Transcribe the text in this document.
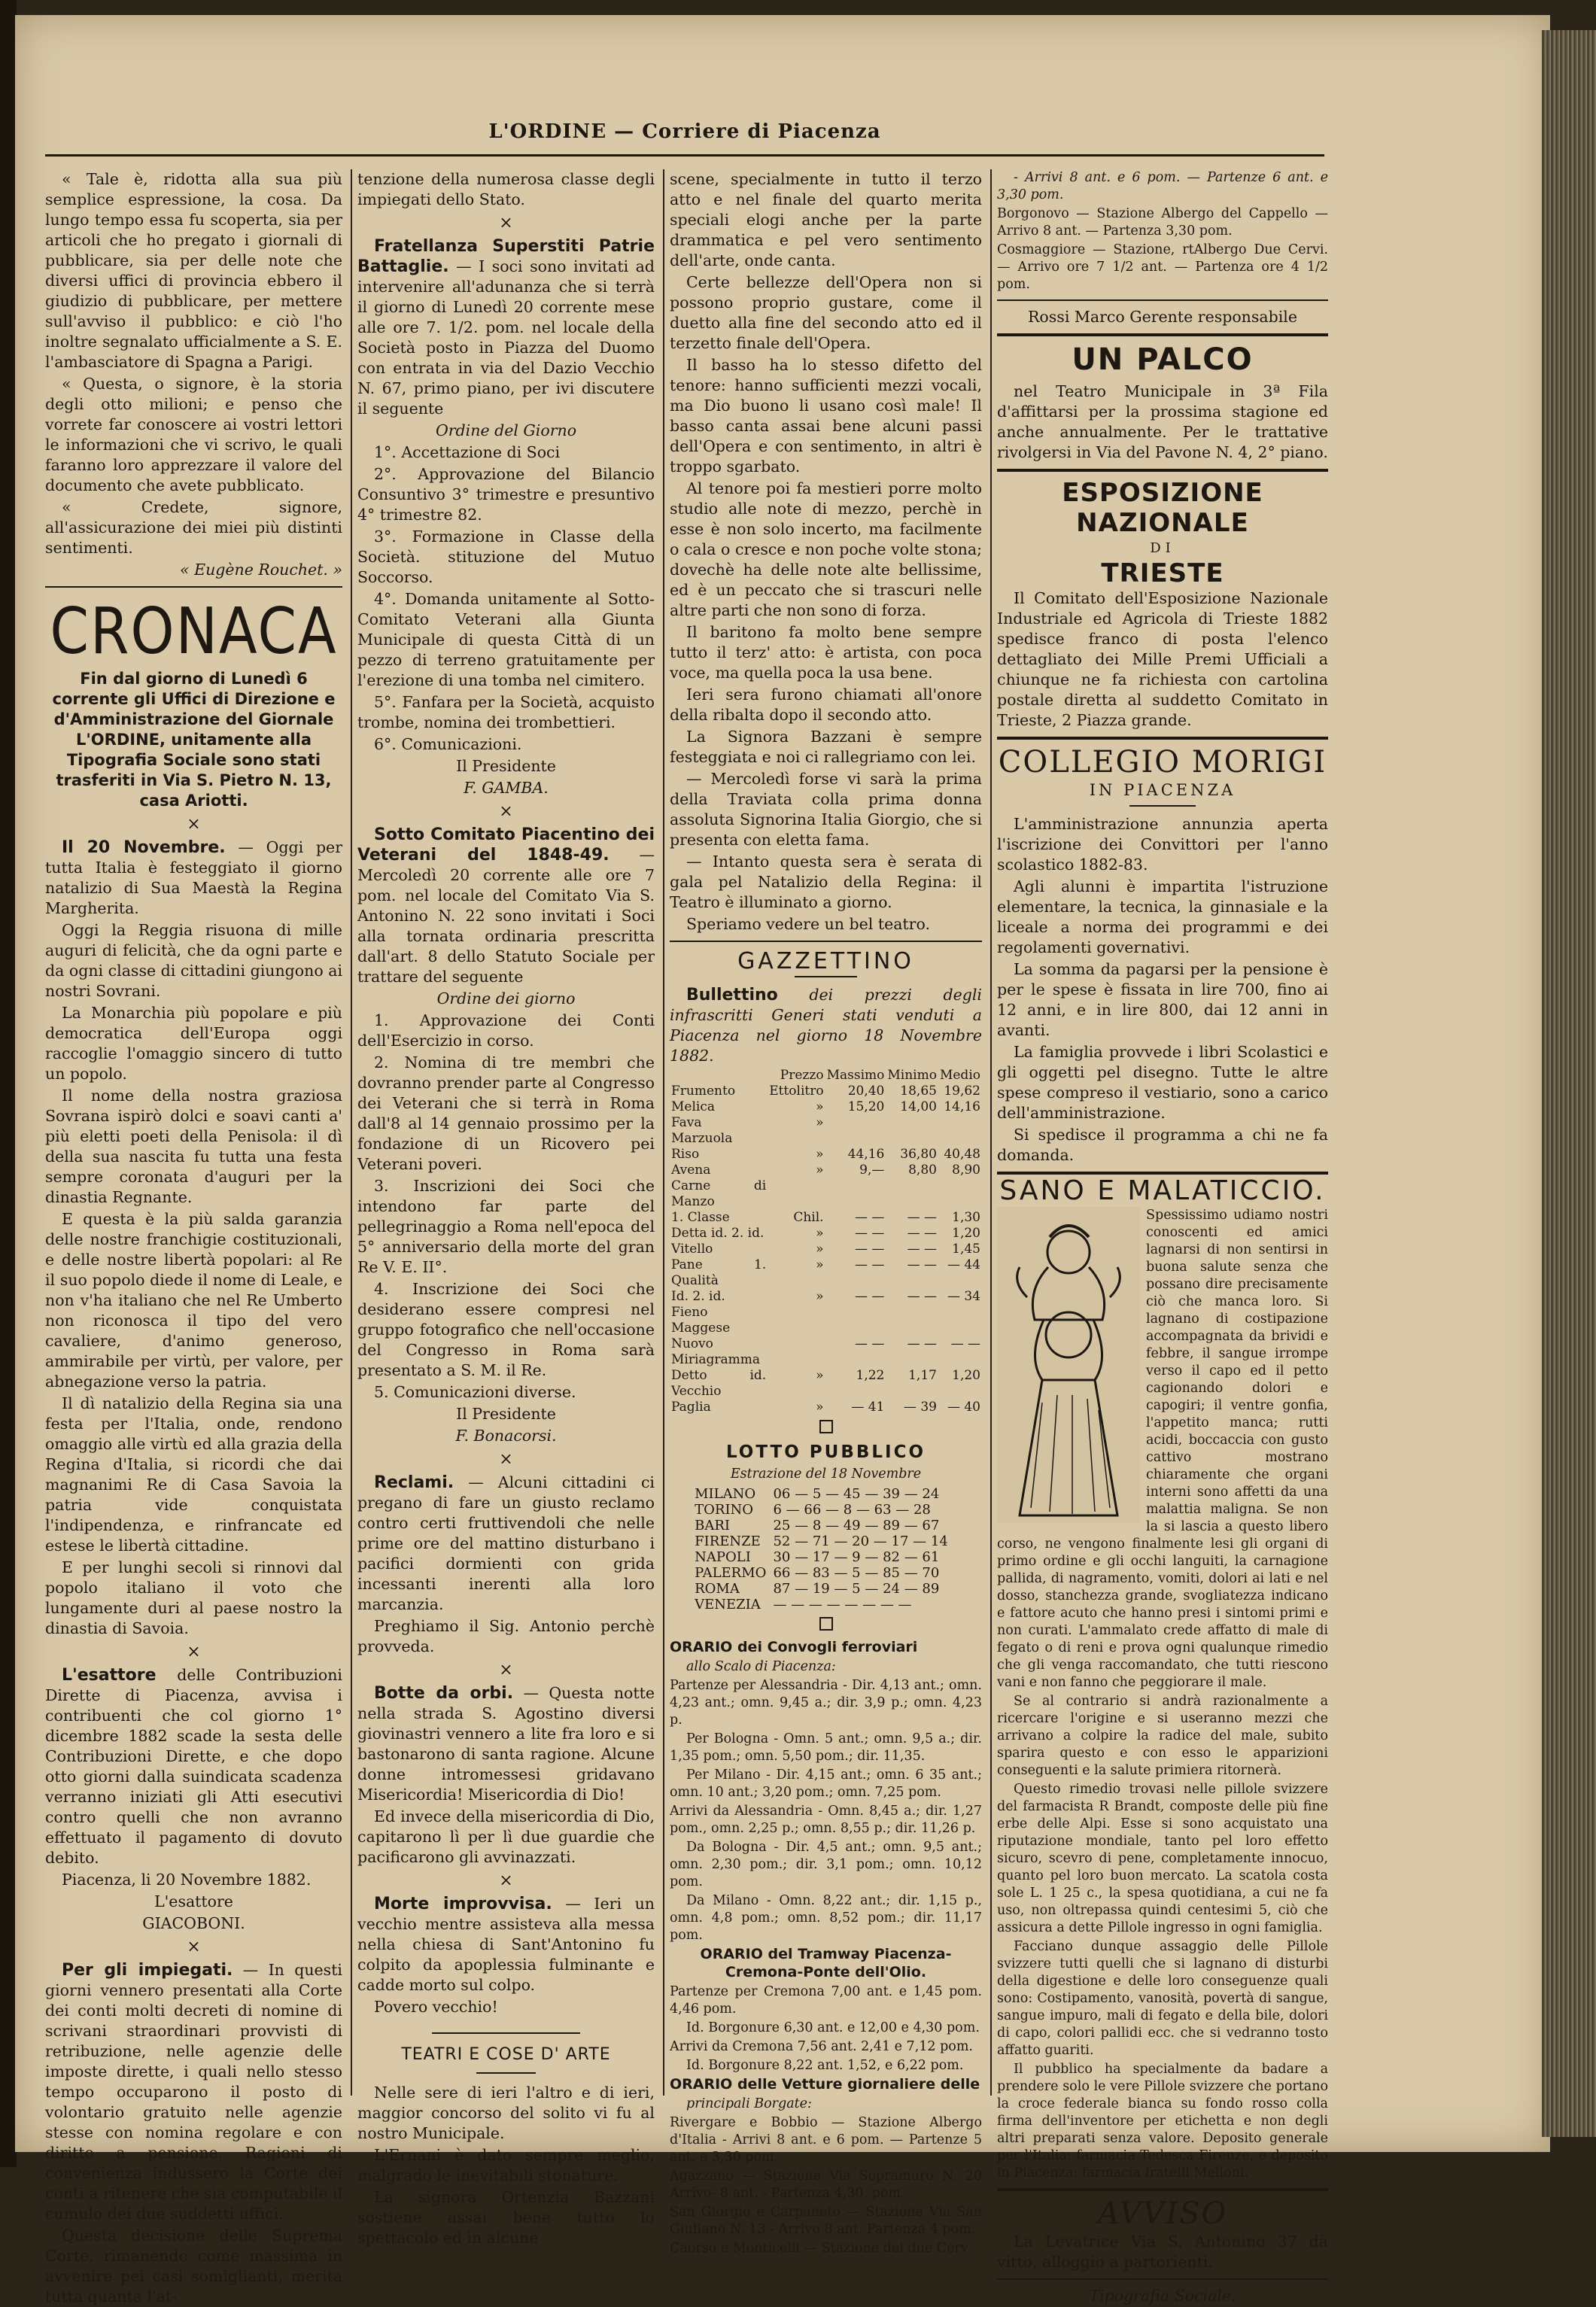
L'ORDINE — Corriere di Piacenza

« Tale è, ridotta alla sua più semplice espressione, la cosa. Da lungo tempo essa fu scoperta, sia per articoli che ho pregato i giornali di pubblicare, sia per delle note che diversi uffici di provincia ebbero il giudizio di pubblicare, per mettere sull'avviso il pubblico: e ciò l'ho inoltre segnalato ufficialmente a S. E. l'ambasciatore di Spagna a Parigi.

« Questa, o signore, è la storia degli otto milioni; e penso che vorrete far conoscere ai vostri lettori le informazioni che vi scrivo, le quali faranno loro apprezzare il valore del documento che avete pubblicato.

« Credete, signore, all'assicurazione dei miei più distinti sentimenti.

« Eugène Rouchet. »

CRONACA
Fin dal giorno di Lunedì 6 corrente gli Uffici di Direzione e d'Amministrazione del Giornale L'ORDINE, unitamente alla Tipografia Sociale sono stati trasferiti in Via S. Pietro N. 13, casa Ariotti.
×

Il 20 Novembre. — Oggi per tutta Italia è festeggiato il giorno natalizio di Sua Maestà la Regina Margherita.

Oggi la Reggia risuona di mille auguri di felicità, che da ogni parte e da ogni classe di cittadini giungono ai nostri Sovrani.

La Monarchia più popolare e più democratica dell'Europa oggi raccoglie l'omaggio sincero di tutto un popolo.

Il nome della nostra graziosa Sovrana ispirò dolci e soavi canti a' più eletti poeti della Penisola: il dì della sua nascita fu tutta una festa sempre coronata d'auguri per la dinastia Regnante.

E questa è la più salda garanzia delle nostre franchigie costituzionali, e delle nostre libertà popolari: al Re il suo popolo diede il nome di Leale, e non v'ha italiano che nel Re Umberto non riconosca il tipo del vero cavaliere, d'animo generoso, ammirabile per virtù, per valore, per abnegazione verso la patria.

Il dì natalizio della Regina sia una festa per l'Italia, onde, rendono omaggio alle virtù ed alla grazia della Regina d'Italia, si ricordi che dai magnanimi Re di Casa Savoia la patria vide conquistata l'indipendenza, e rinfrancate ed estese le libertà cittadine.

E per lunghi secoli si rinnovi dal popolo italiano il voto che lungamente duri al paese nostro la dinastia di Savoia.

×

L'esattore delle Contribuzioni Dirette di Piacenza, avvisa i contribuenti che col giorno 1° dicembre 1882 scade la sesta delle Contribuzioni Dirette, e che dopo otto giorni dalla suindicata scadenza verranno iniziati gli Atti esecutivi contro quelli che non avranno effettuato il pagamento di dovuto debito.

Piacenza, li 20 Novembre 1882.

L'esattore

GIACOBONI.

×

Per gli impiegati. — In questi giorni vennero presentati alla Corte dei conti molti decreti di nomine di scrivani straordinari provvisti di retribuzione, nelle agenzie delle imposte dirette, i quali nello stesso tempo occuparono il posto di volontario gratuito nelle agenzie stesse con nomina regolare e con diritto a pensione. Ragioni di convenienza indussero la Corte dei conti a ritenere che sia computabile il cumulo dei due suddetti uffici.

Questa decisione delle Suprema Corte, rimanendo come massima in avvenire pei casi somiglianti, merita tutta quanta l'at-

tenzione della numerosa classe degli impiegati dello Stato.

×

Fratellanza Superstiti Patrie Battaglie. — I soci sono invitati ad intervenire all'adunanza che si terrà il giorno di Lunedì 20 corrente mese alle ore 7. 1/2. pom. nel locale della Società posto in Piazza del Duomo con entrata in via del Dazio Vecchio N. 67, primo piano, per ivi discutere il seguente

Ordine del Giorno

1°. Accettazione di Soci

2°. Approvazione del Bilancio Consuntivo 3° trimestre e presuntivo 4° trimestre 82.

3°. Formazione in Classe della Società. stituzione del Mutuo Soccorso.

4°. Domanda unitamente al Sotto-Comitato Veterani alla Giunta Municipale di questa Città di un pezzo di terreno gratuitamente per l'erezione di una tomba nel cimitero.

5°. Fanfara per la Società, acquisto trombe, nomina dei trombettieri.

6°. Comunicazioni.

Il Presidente

F. GAMBA.

×

Sotto Comitato Piacentino dei Veterani del 1848-49. — Mercoledì 20 corrente alle ore 7 pom. nel locale del Comitato Via S. Antonino N. 22 sono invitati i Soci alla tornata ordinaria prescritta dall'art. 8 dello Statuto Sociale per trattare del seguente

Ordine dei giorno

1. Approvazione dei Conti dell'Esercizio in corso.

2. Nomina di tre membri che dovranno prender parte al Congresso dei Veterani che si terrà in Roma dall'8 al 14 gennaio prossimo per la fondazione di un Ricovero pei Veterani poveri.

3. Inscrizioni dei Soci che intendono far parte del pellegrinaggio a Roma nell'epoca del 5° anniversario della morte del gran Re V. E. II°.

4. Inscrizione dei Soci che desiderano essere compresi nel gruppo fotografico che nell'occasione del Congresso in Roma sarà presentato a S. M. il Re.

5. Comunicazioni diverse.

Il Presidente

F. Bonacorsi.

×

Reclami. — Alcuni cittadini ci pregano di fare un giusto reclamo contro certi fruttivendoli che nelle prime ore del mattino disturbano i pacifici dormienti con grida incessanti inerenti alla loro marcanzia.

Preghiamo il Sig. Antonio perchè provveda.

×

Botte da orbi. — Questa notte nella strada S. Agostino diversi giovinastri vennero a lite fra loro e si bastonarono di santa ragione. Alcune donne intromessesi gridavano Misericordia! Misericordia di Dio!

Ed invece della misericordia di Dio, capitarono lì per lì due guardie che pacificarono gli avvinazzati.

×

Morte improvvisa. — Ieri un vecchio mentre assisteva alla messa nella chiesa di Sant'Antonino fu colpito da apoplessia fulminante e cadde morto sul colpo.

Povero vecchio!

TEATRI E COSE D' ARTE

Nelle sere di ieri l'altro e di ieri, maggior concorso del solito vi fu al nostro Municipale.

L'Ernani è dato sempre meglio, malgrado le inevitabili stonature.

La signora Ortenzia Bazzani sostiene assai bene tutto lo spettacolo ed in alcune

scene, specialmente in tutto il terzo atto e nel finale del quarto merita speciali elogi anche per la parte drammatica e pel vero sentimento dell'arte, onde canta.

Certe bellezze dell'Opera non si possono proprio gustare, come il duetto alla fine del secondo atto ed il terzetto finale dell'Opera.

Il basso ha lo stesso difetto del tenore: hanno sufficienti mezzi vocali, ma Dio buono li usano così male! Il basso canta assai bene alcuni passi dell'Opera e con sentimento, in altri è troppo sgarbato.

Al tenore poi fa mestieri porre molto studio alle note di mezzo, perchè in esse è non solo incerto, ma facilmente o cala o cresce e non poche volte stona; dovechè ha delle note alte bellissime, ed è un peccato che si trascuri nelle altre parti che non sono di forza.

Il baritono fa molto bene sempre tutto il terz' atto: è artista, con poca voce, ma quella poca la usa bene.

Ieri sera furono chiamati all'onore della ribalta dopo il secondo atto.

La Signora Bazzani è sempre festeggiata e noi ci rallegriamo con lei.

— Mercoledì forse vi sarà la prima della Traviata colla prima donna assoluta Signorina Italia Giorgio, che si presenta con eletta fama.

— Intanto questa sera è serata di gala pel Natalizio della Regina: il Teatro è illuminato a giorno.

Speriamo vedere un bel teatro.

GAZZETTINO

Bullettino dei prezzi degli infrascritti Generi stati venduti a Piacenza nel giorno 18 Novembre 1882.

	Prezzo	Massimo	Minimo	Medio
Frumento	Ettolitro	20,40	18,65	19,62
Melica	»	15,20	14,00	14,16
Fava Marzuola	»			
Riso	»	44,16	36,80	40,48
Avena	»	9,—	8,80	8,90
Carne di Manzo				
1. Classe	Chil.	— —	— —	1,30
Detta id. 2. id.	»	— —	— —	1,20
Vitello	»	— —	— —	1,45
Pane 1. Qualità	»	— —	— —	— 44
Id. 2. id.	»	— —	— —	— 34
Fieno Maggese				
Nuovo Miriagramma		— —	— —	— —
Detto id. Vecchio	»	1,22	1,17	1,20
Paglia	»	— 41	— 39	— 40
LOTTO PUBBLICO
Estrazione del 18 Novembre
MILANO	06 — 5 — 45 — 39 — 24
TORINO	6 — 66 — 8 — 63 — 28
BARI	25 — 8 — 49 — 89 — 67
FIRENZE	52 — 71 — 20 — 17 — 14
NAPOLI	30 — 17 — 9 — 82 — 61
PALERMO	66 — 83 — 5 — 85 — 70
ROMA	87 — 19 — 5 — 24 — 89
VENEZIA	— — — — — — — —

ORARIO dei Convogli ferroviari

allo Scalo di Piacenza:

Partenze per Alessandria - Dir. 4,13 ant.; omn. 4,23 ant.; omn. 9,45 a.; dir. 3,9 p.; omn. 4,23 p.

Per Bologna - Omn. 5 ant.; omn. 9,5 a.; dir. 1,35 pom.; omn. 5,50 pom.; dir. 11,35.

Per Milano - Dir. 4,15 ant.; omn. 6 35 ant.; omn. 10 ant.; 3,20 pom.; omn. 7,25 pom.

Arrivi da Alessandria - Omn. 8,45 a.; dir. 1,27 pom., omn. 2,25 p.; omn. 8,55 p.; dir. 11,26 p.

Da Bologna - Dir. 4,5 ant.; omn. 9,5 ant.; omn. 2,30 pom.; dir. 3,1 pom.; omn. 10,12 pom.

Da Milano - Omn. 8,22 ant.; dir. 1,15 p., omn. 4,8 pom.; omn. 8,52 pom.; dir. 11,17 pom.

ORARIO del Tramway Piacenza-Cremona-Ponte dell'Olio.

Partenze per Cremona 7,00 ant. e 1,45 pom. 4,46 pom.

Id. Borgonure 6,30 ant. e 12,00 e 4,30 pom.

Arrivi da Cremona 7,56 ant. 2,41 e 7,12 pom.

Id. Borgonure 8,22 ant. 1,52, e 6,22 pom.

ORARIO delle Vetture giornaliere delle

principali Borgate:

Rivergare e Bobbio — Stazione Albergo d'Italia - Arrivi 8 ant. e 6 pom. — Partenze 5 ant. e 3,30 pom.

Agazzano — Stazione Via Sopramuro N. 20 Arrivo- 8 ant. - Partenza 4,30. pom.

San Giorgio e Carpaneto — Stazione Via San Giuliano N. 13 - Arrivo 8 ant. Partenza 4 pom.

Caorso e Monticelli — Stazione del due Cerv

- Arrivi 8 ant. e 6 pom. — Partenze 6 ant. e 3,30 pom.

Borgonovo — Stazione Albergo del Cappello — Arrivo 8 ant. — Partenza 3,30 pom.

Cosmaggiore — Stazione, rtAlbergo Due Cervi. — Arrivo ore 7 1/2 ant. — Partenza ore 4 1/2 pom.

Rossi Marco Gerente responsabile

UN PALCO

nel Teatro Municipale in 3ª Fila d'affittarsi per la prossima stagione ed anche annualmente. Per le trattative rivolgersi in Via del Pavone N. 4, 2° piano.

ESPOSIZIONE NAZIONALE
DI
TRIESTE

Il Comitato dell'Esposizione Nazionale Industriale ed Agricola di Trieste 1882 spedisce franco di posta l'elenco dettagliato dei Mille Premi Ufficiali a chiunque ne fa richiesta con cartolina postale diretta al suddetto Comitato in Trieste, 2 Piazza grande.

COLLEGIO MORIGI
IN PIACENZA

L'amministrazione annunzia aperta l'iscrizione dei Convittori per l'anno scolastico 1882-83.

Agli alunni è impartita l'istruzione elementare, la tecnica, la ginnasiale e la liceale a norma dei programmi e dei regolamenti governativi.

La somma da pagarsi per la pensione è per le spese è fissata in lire 700, fino ai 12 anni, e in lire 800, dai 12 anni in avanti.

La famiglia provvede i libri Scolastici e gli oggetti pel disegno. Tutte le altre spese compreso il vestiario, sono a carico dell'amministrazione.

Si spedisce il programma a chi ne fa domanda.

SANO E MALATICCIO.

Spessissimo udiamo nostri conoscenti ed amici lagnarsi di non sentirsi in buona salute senza che possano dire precisamente ciò che manca loro. Si lagnano di costipazione accompagnata da brividi e febbre, il sangue irrompe verso il capo ed il petto cagionando dolori e capogiri; il ventre gonfia, l'appetito manca; rutti acidi, boccaccia con gusto cattivo mostrano chiaramente che organi interni sono affetti da una malattia maligna. Se non la si lascia a questo libero corso, ne vengono finalmente lesi gli organi di primo ordine e gli occhi languiti, la carnagione pallida, di nagramento, vomiti, dolori ai lati e nel dosso, stanchezza grande, svogliatezza indicano e fattore acuto che hanno presi i sintomi primi e non curati. L'ammalato crede affatto di male di fegato o di reni e prova ogni qualunque rimedio che gli venga raccomandato, che tutti riescono vani e non fanno che peggiorare il male.

Se al contrario si andrà razionalmente a ricercare l'origine e si useranno mezzi che arrivano a colpire la radice del male, subito sparira questo e con esso le apparizioni conseguenti e la salute primiera ritornerà.

Questo rimedio trovasi nelle pillole svizzere del farmacista R Brandt, composte delle più fine erbe delle Alpi. Esse si sono acquistato una riputazione mondiale, tanto pel loro effetto sicuro, scevro di pene, completamente innocuo, quanto pel loro buon mercato. La scatola costa sole L. 1 25 c., la spesa quotidiana, a cui ne fa uso, non oltrepassa quindi centesimi 5, ciò che assicura a dette Pillole ingresso in ogni famiglia.

Facciano dunque assaggio delle Pillole svizzere tutti quelli che si lagnano di disturbi della digestione e delle loro conseguenze quali sono: Costipamento, vanosità, povertà di sangue, sangue impuro, mali di fegato e della bile, dolori di capo, colori pallidi ecc. che si vedranno tosto affatto guariti.

Il pubblico ha specialmente da badare a prendere solo le vere Pillole svizzere che portano la croce federale bianca su fondo rosso colla firma dell'inventore per etichetta e non degli altri preparati senza valore. Deposito generale per l'Italia: farmacia Tedesca Firenze, e deposito in Piacenza: farmacia fratelli Melloni.

AVVISO

La Levatrice Via S. Antonino 37 dà vitto, alloggio a partorienti.

Tipografia Sociale.
